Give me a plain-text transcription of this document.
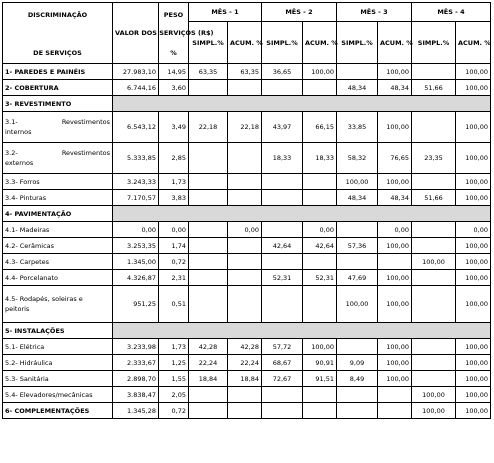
DISCRIMINAÇÃO
DE SERVIÇOS	VALOR DOS SERVIÇOS (R$)	PESO
%	MÊS - 1		MÊS - 2		MÊS - 3		MÊS - 4	
			SIMPL.%	ACUM. %	SIMPL.%	ACUM. %	SIMPL.%	ACUM. %	SIMPL.%	ACUM. %
1- PAREDES E PAINÉIS	27.983,10	14,95	63,35	63,35	36,65	100,00		100,00		100,00
2- COBERTURA	6.744,16	3,60					48,34	48,34	51,66	100,00
3- REVESTIMENTO										

3.1- Revestimentos
internos	6.543,12	3,49	22,18	22,18	43,97	66,15	33,85	100,00		100,00

3.2- Revestimentos
externos	5.333,85	2,85			18,33	18,33	58,32	76,65	23,35	100,00
3.3- Forros	3.243,33	1,73					100,00	100,00		100,00
3.4- Pinturas	7.170,57	3,83					48,34	48,34	51,66	100,00
4- PAVIMENTAÇÃO										
4.1- Madeiras	0,00	0,00		0,00		0,00		0,00		0,00
4.2- Cerâmicas	3.253,35	1,74			42,64	42,64	57,36	100,00		100,00
4.3- Carpetes	1.345,00	0,72							100,00	100,00
4.4- Porcelanato	4.326,87	2,31			52,31	52,31	47,69	100,00		100,00

4.5- Rodapés, soleiras e
peitoris	951,25	0,51					100,00	100,00		100,00
5- INSTALAÇÕES										
5.1- Elétrica	3.233,98	1,73	42,28	42,28	57,72	100,00		100,00		100,00
5.2- Hidráulica	2.333,67	1,25	22,24	22,24	68,67	90,91	9,09	100,00		100,00
5.3- Sanitária	2.898,70	1,55	18,84	18,84	72,67	91,51	8,49	100,00		100,00
5.4- Elevadores/mecânicas	3.838,47	2,05							100,00	100,00
6- COMPLEMENTAÇÕES	1.345,28	0,72							100,00	100,00
